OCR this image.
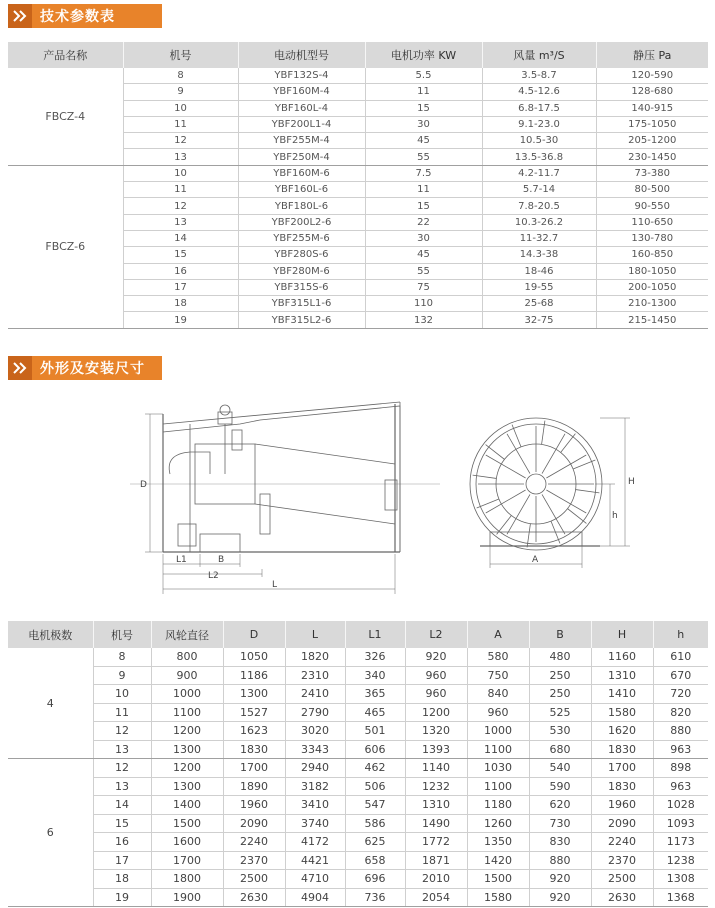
技术参数表
产品名称	机号	电动机型号	电机功率 KW	风量 m³/S	静压 Pa
FBCZ-4	8	YBF132S-4	5.5	3.5-8.7	120-590
	9	YBF160M-4	11	4.5-12.6	128-680
	10	YBF160L-4	15	6.8-17.5	140-915
	11	YBF200L1-4	30	9.1-23.0	175-1050
	12	YBF255M-4	45	10.5-30	205-1200
	13	YBF250M-4	55	13.5-36.8	230-1450
FBCZ-6	10	YBF160M-6	7.5	4.2-11.7	73-380
	11	YBF160L-6	11	5.7-14	80-500
	12	YBF180L-6	15	7.8-20.5	90-550
	13	YBF200L2-6	22	10.3-26.2	110-650
	14	YBF255M-6	30	11-32.7	130-780
	15	YBF280S-6	45	14.3-38	160-850
	16	YBF280M-6	55	18-46	180-1050
	17	YBF315S-6	75	19-55	200-1050
	18	YBF315L1-6	110	25-68	210-1300
	19	YBF315L2-6	132	32-75	215-1450
外形及安装尺寸
D
L1	B
L2
L
A
H
h
电机极数	机号	风轮直径	D	L	L1	L2	A	B	H	h
4	8	800	1050	1820	326	920	580	480	1160	610
	9	900	1186	2310	340	960	750	250	1310	670
	10	1000	1300	2410	365	960	840	250	1410	720
	11	1100	1527	2790	465	1200	960	525	1580	820
	12	1200	1623	3020	501	1320	1000	530	1620	880
	13	1300	1830	3343	606	1393	1100	680	1830	963
6	12	1200	1700	2940	462	1140	1030	540	1700	898
	13	1300	1890	3182	506	1232	1100	590	1830	963
	14	1400	1960	3410	547	1310	1180	620	1960	1028
	15	1500	2090	3740	586	1490	1260	730	2090	1093
	16	1600	2240	4172	625	1772	1350	830	2240	1173
	17	1700	2370	4421	658	1871	1420	880	2370	1238
	18	1800	2500	4710	696	2010	1500	920	2500	1308
	19	1900	2630	4904	736	2054	1580	920	2630	1368
